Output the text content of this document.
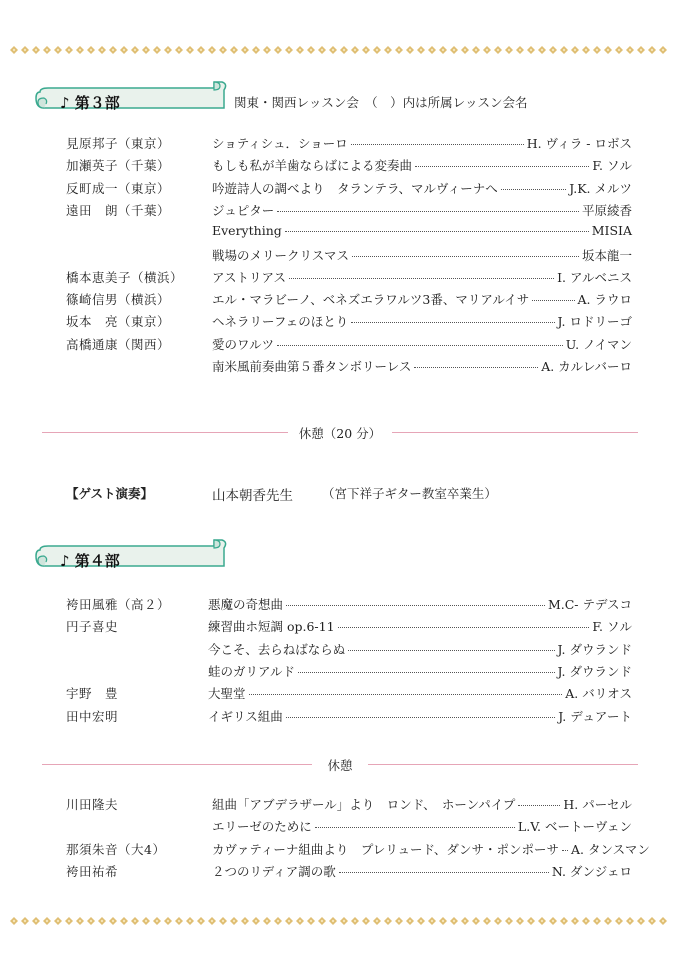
♪ 第３部	関東・関西レッスン会　（　）内は所属レッスン会名
見原邦子（東京）	ショティシュ．ショーロ	H. ヴィラ - ロボス
加瀬英子（千葉）	もしも私が羊歯ならばによる変奏曲	F. ソル
反町成一（東京）	吟遊詩人の調べより　タランテラ、マルヴィーナへ	J.K. メルツ
遠田　朗（千葉）	ジュピター	平原綾香
Everything	MISIA
戦場のメリークリスマス	坂本龍一
橋本恵美子（横浜） アストリアス	I. アルベニス
篠崎信男（横浜）	エル・マラビーノ、ベネズエラワルツ3番、マリアルイサ	A. ラウロ
坂本　亮（東京）	ヘネラリーフェのほとり	J. ロドリーゴ
高橋通康（関西）	愛のワルツ	U. ノイマン
南米風前奏曲第５番タンボリーレス	A. カルレバーロ
休憩（20 分）
【ゲスト演奏】	山本朝香先生 （宮下祥子ギター教室卒業生）
♪ 第４部
袴田風雅（高２）	悪魔の奇想曲	M.C- テデスコ
円子喜史	練習曲ホ短調 op.6-11	F. ソル
今こそ、去らねばならぬ	J. ダウランド
蛙のガリアルド	J. ダウランド
宇野　豊	大聖堂	A. バリオス
田中宏明	イギリス組曲	J. デュアート
休憩
川田隆夫	組曲「アブデラザール」より　ロンド、　ホーンパイプ	H. パーセル
エリーゼのために	L.V. ベートーヴェン
那須朱音（大4）	カヴァティーナ組曲より　プレリュード、ダンサ・ポンポーサ A. タンスマン
袴田祐希	２つのリディア調の歌	N. ダンジェロ
